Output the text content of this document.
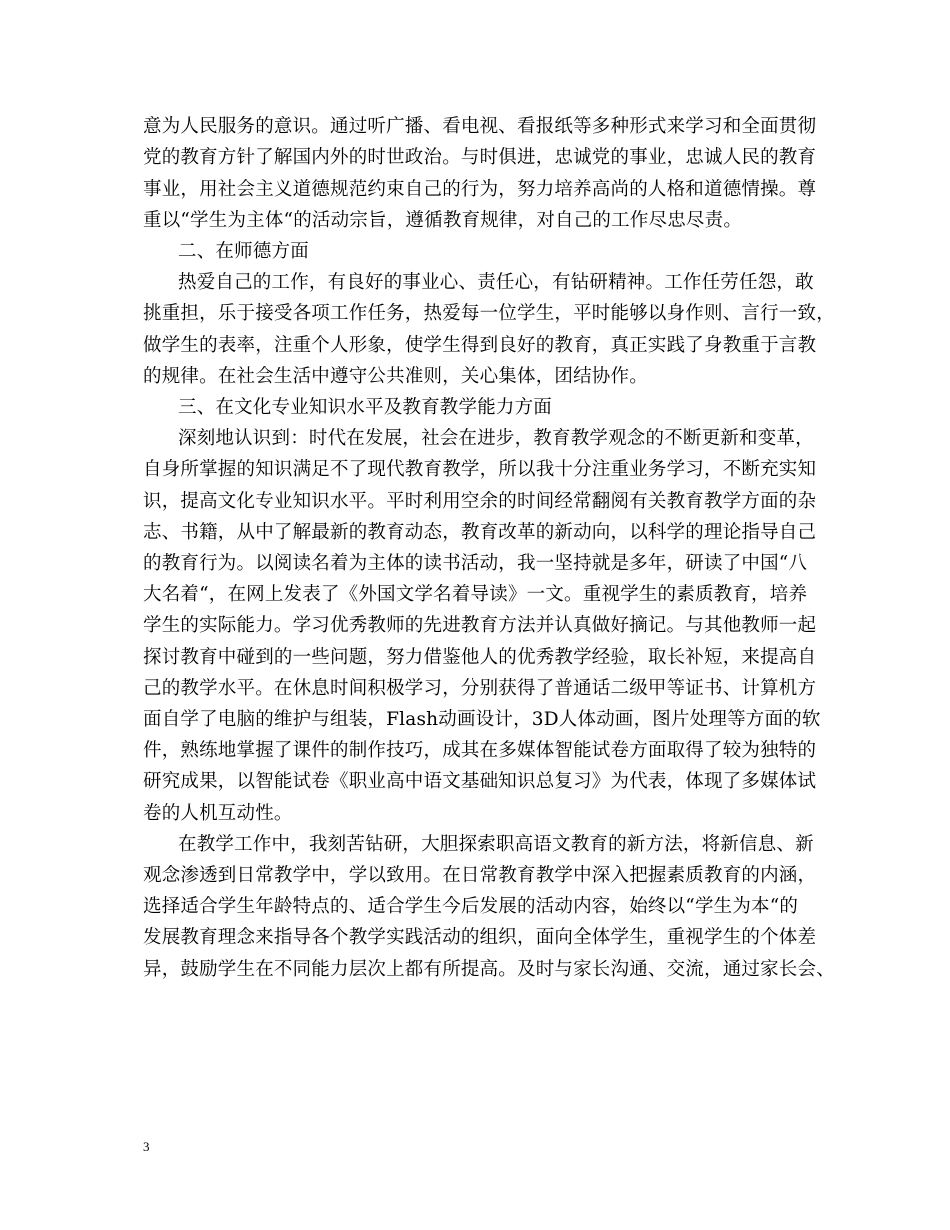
意为人民服务的意识。通过听广播、看电视、看报纸等多种形式来学习和全面贯彻
党的教育方针了解国内外的时世政治。与时俱进，忠诚党的事业，忠诚人民的教育
事业，用社会主义道德规范约束自己的行为，努力培养高尚的人格和道德情操。尊
重以“学生为主体“的活动宗旨，遵循教育规律，对自己的工作尽忠尽责。
二、在师德方面
热爱自己的工作，有良好的事业心、责任心，有钻研精神。工作任劳任怨，敢
挑重担，乐于接受各项工作任务，热爱每一位学生，平时能够以身作则、言行一致，
做学生的表率，注重个人形象，使学生得到良好的教育，真正实践了身教重于言教
的规律。在社会生活中遵守公共准则，关心集体，团结协作。
三、在文化专业知识水平及教育教学能力方面
深刻地认识到：时代在发展，社会在进步，教育教学观念的不断更新和变革，
自身所掌握的知识满足不了现代教育教学，所以我十分注重业务学习，不断充实知
识，提高文化专业知识水平。平时利用空余的时间经常翻阅有关教育教学方面的杂
志、书籍，从中了解最新的教育动态，教育改革的新动向，以科学的理论指导自己
的教育行为。以阅读名着为主体的读书活动，我一坚持就是多年，研读了中国“八
大名着“，在网上发表了《外国文学名着导读》一文。重视学生的素质教育，培养
学生的实际能力。学习优秀教师的先进教育方法并认真做好摘记。与其他教师一起
探讨教育中碰到的一些问题，努力借鉴他人的优秀教学经验，取长补短，来提高自
己的教学水平。在休息时间积极学习，分别获得了普通话二级甲等证书、计算机方
面自学了电脑的维护与组装，Flash动画设计，3D人体动画，图片处理等方面的软
件，熟练地掌握了课件的制作技巧，成其在多媒体智能试卷方面取得了较为独特的
研究成果，以智能试卷《职业高中语文基础知识总复习》为代表，体现了多媒体试
卷的人机互动性。
在教学工作中，我刻苦钻研，大胆探索职高语文教育的新方法，将新信息、新
观念渗透到日常教学中，学以致用。在日常教育教学中深入把握素质教育的内涵，
选择适合学生年龄特点的、适合学生今后发展的活动内容，始终以“学生为本“的
发展教育理念来指导各个教学实践活动的组织，面向全体学生，重视学生的个体差
异，鼓励学生在不同能力层次上都有所提高。及时与家长沟通、交流，通过家长会、
3
